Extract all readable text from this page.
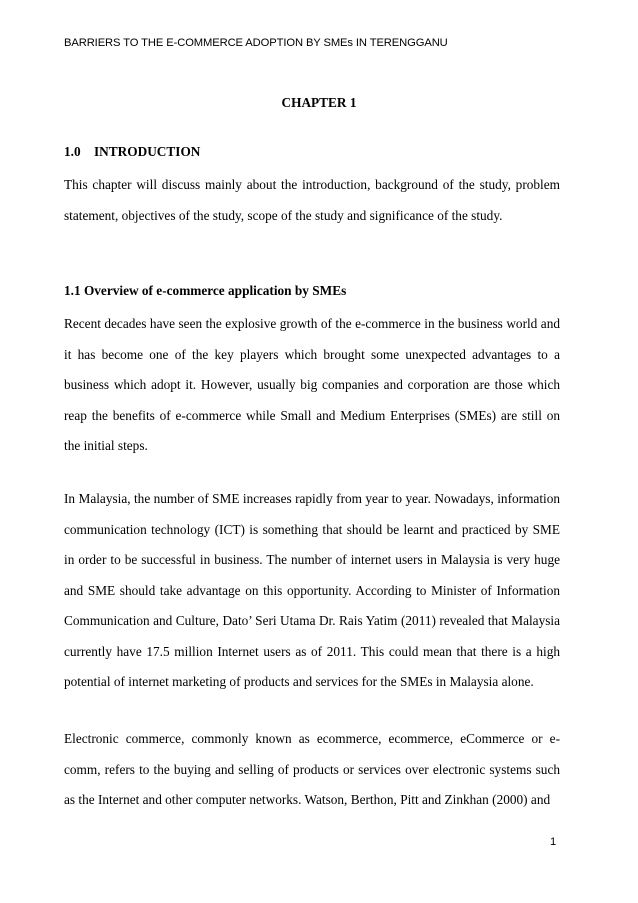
BARRIERS TO THE E-COMMERCE ADOPTION BY SMEs IN TERENGGANU
CHAPTER 1
1.0 INTRODUCTION

This chapter will discuss mainly about the introduction, background of the study, problem statement, objectives of the study, scope of the study and significance of the study.

1.1 Overview of e-commerce application by SMEs

Recent decades have seen the explosive growth of the e-commerce in the business world and it has become one of the key players which brought some unexpected advantages to a business which adopt it. However, usually big companies and corporation are those which reap the benefits of e-commerce while Small and Medium Enterprises (SMEs) are still on the initial steps.

In Malaysia, the number of SME increases rapidly from year to year. Nowadays, information communication technology (ICT) is something that should be learnt and practiced by SME in order to be successful in business. The number of internet users in Malaysia is very huge and SME should take advantage on this opportunity. According to Minister of Information Communication and Culture, Dato’ Seri Utama Dr. Rais Yatim (2011) revealed that Malaysia currently have 17.5 million Internet users as of 2011. This could mean that there is a high potential of internet marketing of products and services for the SMEs in Malaysia alone.

Electronic commerce, commonly known as ecommerce, ecommerce, eCommerce or e-comm, refers to the buying and selling of products or services over electronic systems such as the Internet and other computer networks. Watson, Berthon, Pitt and Zinkhan (2000) and

1
